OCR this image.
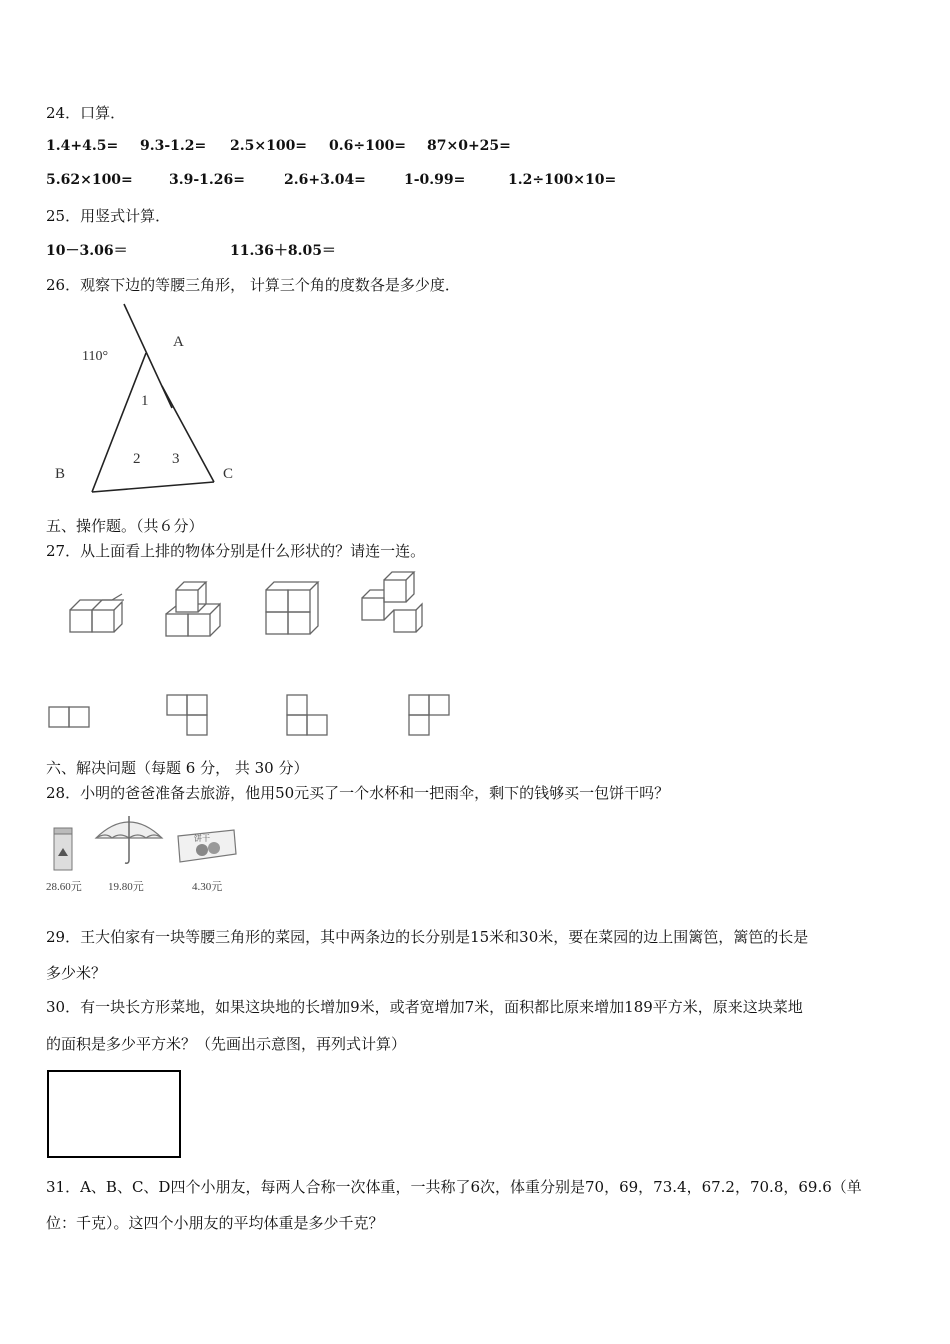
24．口算．
1.4+4.5= 9.3-1.2= 2.5×100= 0.6÷100= 87×0+25=
5.62×100=	3.9-1.26=	2.6+3.04=	1-0.99=	1.2÷100×10=
25．用竖式计算．
10－3.06＝	11.36＋8.05＝
26．观察下边的等腰三角形， 计算三个角的度数各是多少度．
110°
A
B	C
1
2 3
五、操作题。（共６分）
27．从上面看上排的物体分别是什么形状的？请连一连。
六、解决问题（每题 6 分， 共 30 分）
28．小明的爸爸准备去旅游，他用50元买了一个水杯和一把雨伞，剩下的钱够买一包饼干吗？
饼干
28.60元 19.80元	4.30元
29．王大伯家有一块等腰三角形的菜园，其中两条边的长分别是15米和30米，要在菜园的边上围篱笆，篱笆的长是
多少米？
30．有一块长方形菜地，如果这块地的长增加9米，或者宽增加7米，面积都比原来增加189平方米，原来这块菜地
的面积是多少平方米？（先画出示意图，再列式计算）
31．A、B、C、D四个小朋友，每两人合称一次体重，一共称了6次，体重分别是70，69，73.4，67.2，70.8，69.6（单
位：千克）。这四个小朋友的平均体重是多少千克？
